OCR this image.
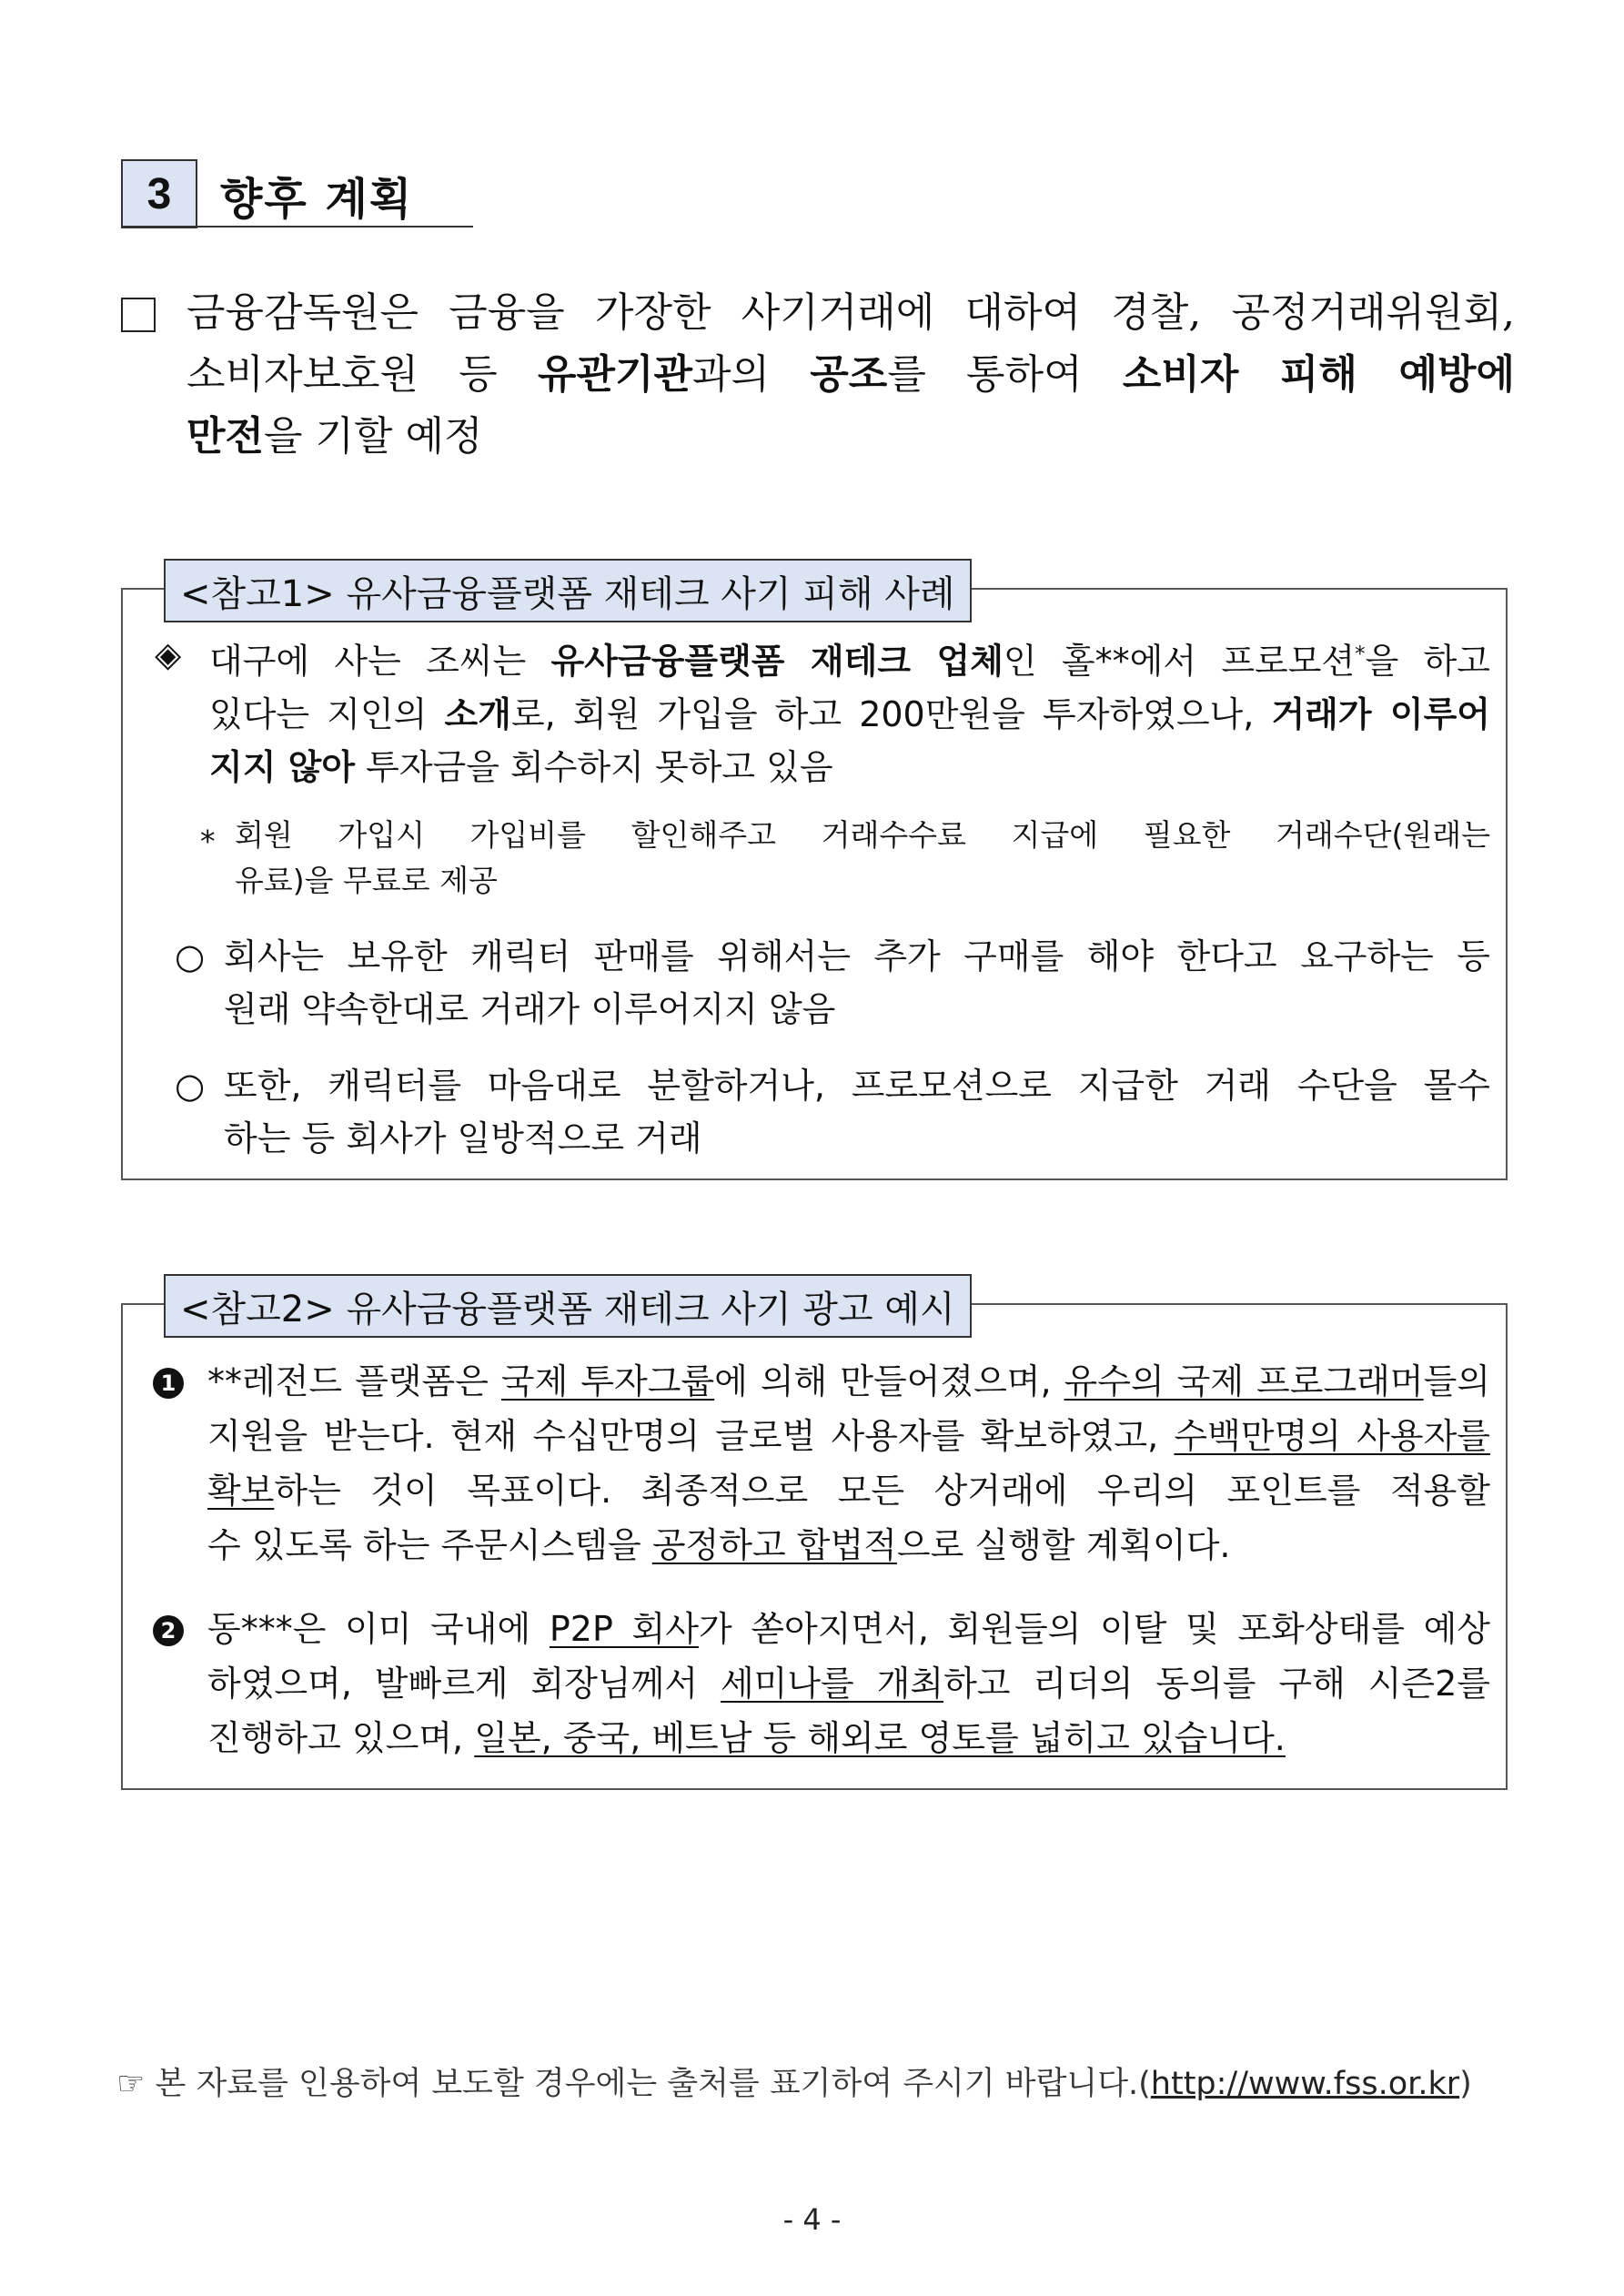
3	향후 계획
금융감독원은 금융을 가장한 사기거래에 대하여 경찰, 공정거래위원회,
소비자보호원 등 유관기관과의 공조를 통하여 소비자 피해 예방에
만전을 기할 예정
<참고1> 유사금융플랫폼 재테크 사기 피해 사례
◈ 대구에 사는 조씨는 유사금융플랫폼 재테크 업체인 홀**에서 프로모션*을 하고
있다는 지인의 소개로, 회원 가입을 하고 200만원을 투자하였으나, 거래가 이루어
지지 않아 투자금을 회수하지 못하고 있음
* 회원 가입시 가입비를 할인해주고 거래수수료 지급에 필요한 거래수단(원래는
유료)을 무료로 제공
○ 회사는 보유한 캐릭터 판매를 위해서는 추가 구매를 해야 한다고 요구하는 등
원래 약속한대로 거래가 이루어지지 않음
○ 또한, 캐릭터를 마음대로 분할하거나, 프로모션으로 지급한 거래 수단을 몰수
하는 등 회사가 일방적으로 거래
<참고2> 유사금융플랫폼 재테크 사기 광고 예시
1 **레전드 플랫폼은 국제 투자그룹에 의해 만들어졌으며, 유수의 국제 프로그래머들의
지원을 받는다. 현재 수십만명의 글로벌 사용자를 확보하였고, 수백만명의 사용자를
확보하는 것이 목표이다. 최종적으로 모든 상거래에 우리의 포인트를 적용할
수 있도록 하는 주문시스템을 공정하고 합법적으로 실행할 계획이다.
2 동***은 이미 국내에 P2P 회사가 쏟아지면서, 회원들의 이탈 및 포화상태를 예상
하였으며, 발빠르게 회장님께서 세미나를 개최하고 리더의 동의를 구해 시즌2를
진행하고 있으며, 일본, 중국, 베트남 등 해외로 영토를 넓히고 있습니다.
☞ 본 자료를 인용하여 보도할 경우에는 출처를 표기하여 주시기 바랍니다.(http://www.fss.or.kr)
- 4 -
